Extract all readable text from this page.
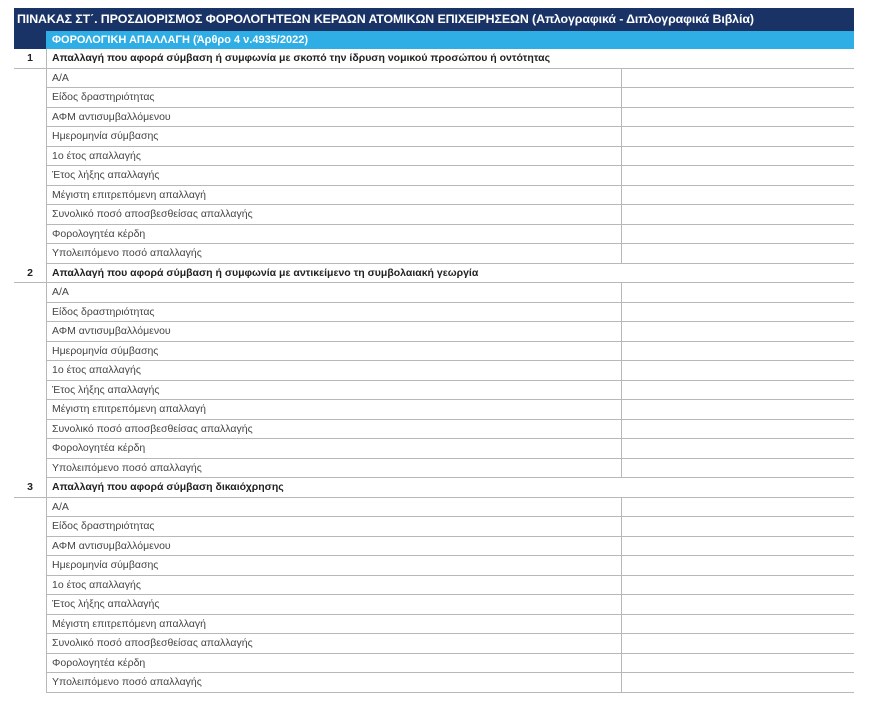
ΠΙΝΑΚΑΣ ΣΤ΄. ΠΡΟΣΔΙΟΡΙΣΜΟΣ ΦΟΡΟΛΟΓΗΤΕΩΝ ΚΕΡΔΩΝ ΑΤΟΜΙΚΩΝ ΕΠΙΧΕΙΡΗΣΕΩΝ (Απλογραφικά - Διπλογραφικά Βιβλία)
ΦΟΡΟΛΟΓΙΚΗ ΑΠΑΛΛΑΓΗ (Άρθρο 4 ν.4935/2022)
1	Απαλλαγή που αφορά σύμβαση ή συμφωνία με σκοπό την ίδρυση νομικού προσώπου ή οντότητας
Α/Α
Είδος δραστηριότητας
ΑΦΜ αντισυμβαλλόμενου
Ημερομηνία σύμβασης
1ο έτος απαλλαγής
Έτος λήξης απαλλαγής
Μέγιστη επιτρεπόμενη απαλλαγή
Συνολικό ποσό αποσβεσθείσας απαλλαγής
Φορολογητέα κέρδη
Υπολειπόμενο ποσό απαλλαγής
2	Απαλλαγή που αφορά σύμβαση ή συμφωνία με αντικείμενο τη συμβολαιακή γεωργία
Α/Α
Είδος δραστηριότητας
ΑΦΜ αντισυμβαλλόμενου
Ημερομηνία σύμβασης
1ο έτος απαλλαγής
Έτος λήξης απαλλαγής
Μέγιστη επιτρεπόμενη απαλλαγή
Συνολικό ποσό αποσβεσθείσας απαλλαγής
Φορολογητέα κέρδη
Υπολειπόμενο ποσό απαλλαγής
3	Απαλλαγή που αφορά σύμβαση δικαιόχρησης
Α/Α
Είδος δραστηριότητας
ΑΦΜ αντισυμβαλλόμενου
Ημερομηνία σύμβασης
1ο έτος απαλλαγής
Έτος λήξης απαλλαγής
Μέγιστη επιτρεπόμενη απαλλαγή
Συνολικό ποσό αποσβεσθείσας απαλλαγής
Φορολογητέα κέρδη
Υπολειπόμενο ποσό απαλλαγής
